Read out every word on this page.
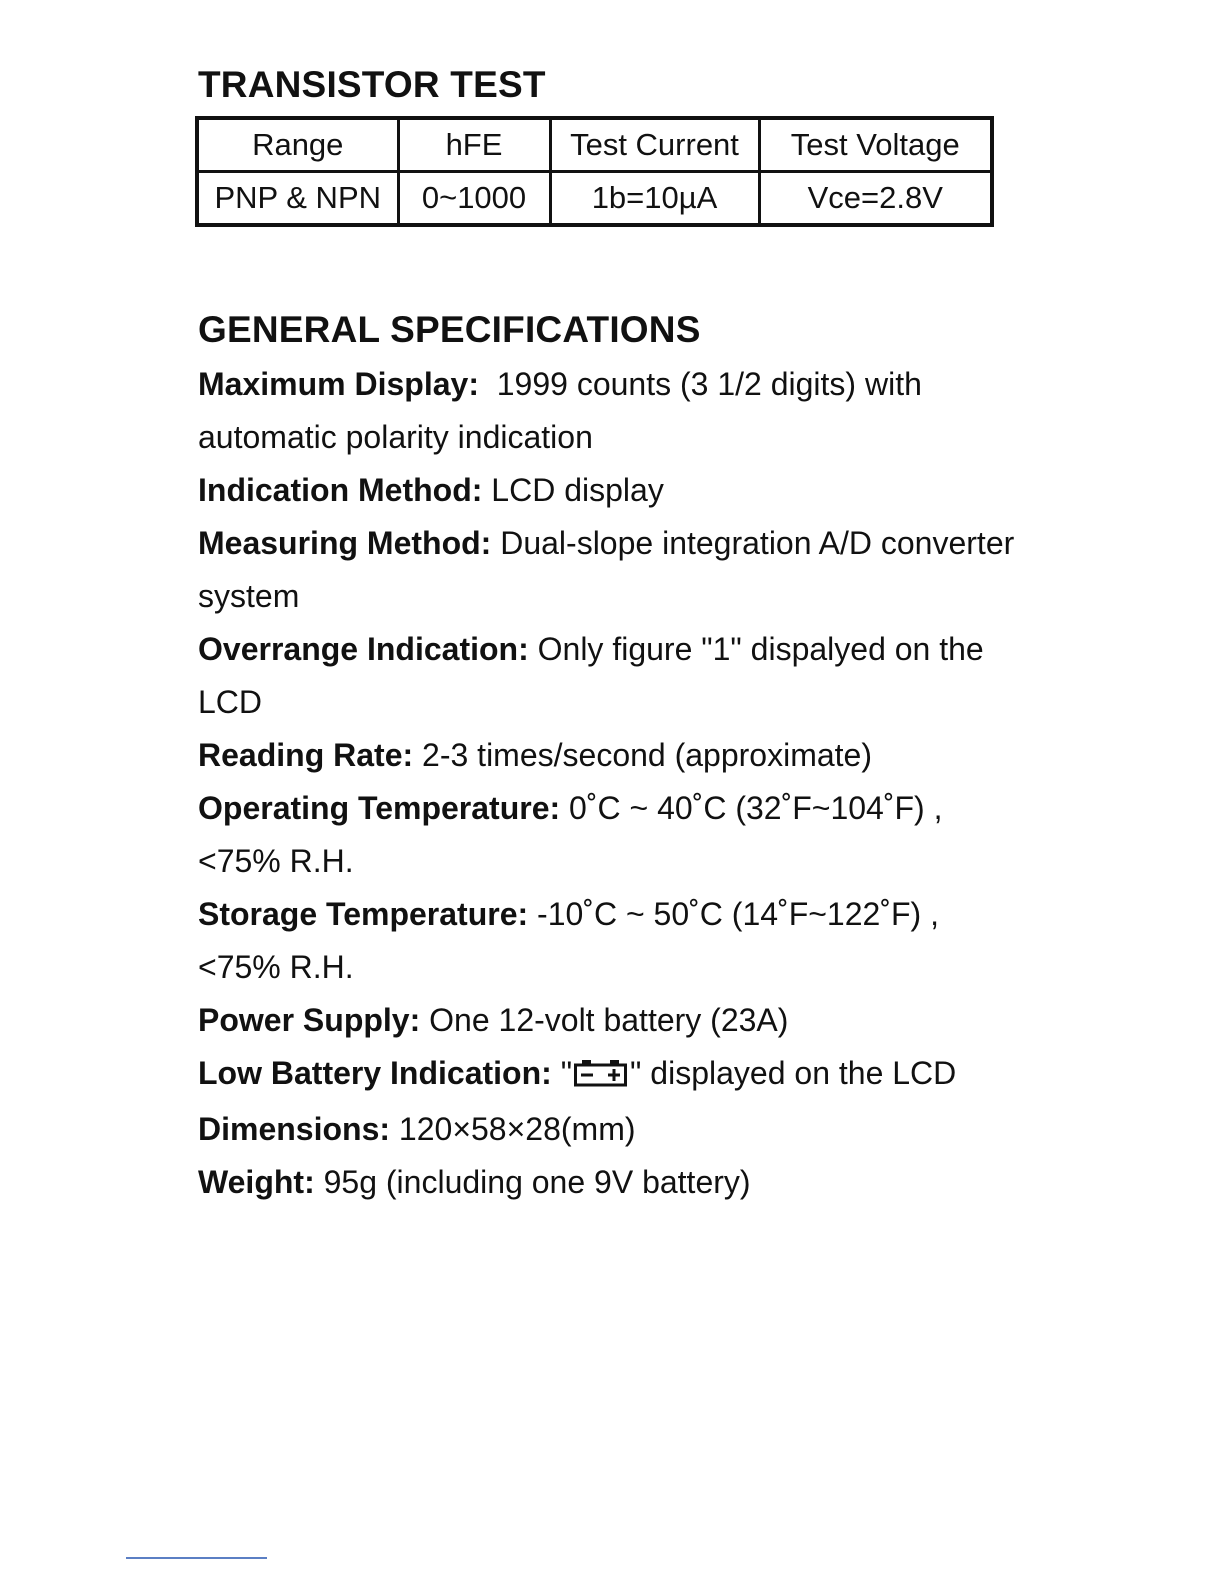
TRANSISTOR TEST
Range	hFE	Test Current	Test Voltage
PNP & NPN	0~1000	1b=10µA	Vce=2.8V
GENERAL SPECIFICATIONS
Maximum Display: 1999 counts (3 1/2 digits) with automatic polarity indication
Indication Method: LCD display
Measuring Method: Dual-slope integration A/D converter system
Overrange Indication: Only figure "1" dispalyed on the LCD
Reading Rate: 2-3 times/second (approximate)
Operating Temperature: 0˚C ~ 40˚C (32˚F~104˚F) , <75% R.H.
Storage Temperature: -10˚C ~ 50˚C (14˚F~122˚F) , <75% R.H.
Power Supply: One 12-volt battery (23A)
Low Battery Indication: " " displayed on the LCD
Dimensions: 120×58×28(mm)
Weight: 95g (including one 9V battery)
